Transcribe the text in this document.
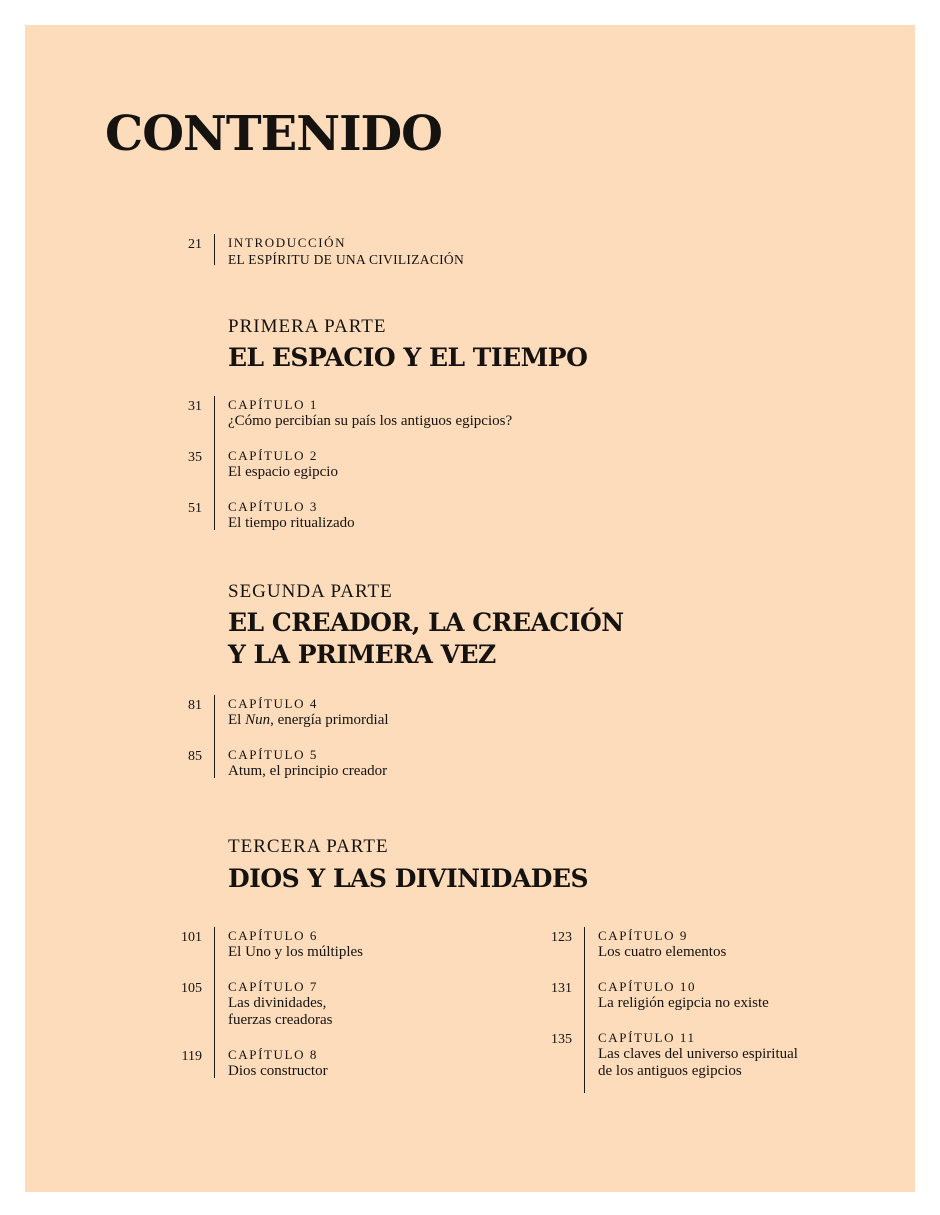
CONTENIDO
21 INTRODUCCIÓN
EL ESPÍRITU DE UNA CIVILIZACIÓN
PRIMERA PARTE
EL ESPACIO Y EL TIEMPO
31 CAPÍTULO 1
¿Cómo percibían su país los antiguos egipcios?
35 CAPÍTULO 2
El espacio egipcio
51 CAPÍTULO 3
El tiempo ritualizado
SEGUNDA PARTE
EL CREADOR, LA CREACIÓN
Y LA PRIMERA VEZ
81 CAPÍTULO 4
El Nun, energía primordial
85 CAPÍTULO 5
Atum, el principio creador
TERCERA PARTE
DIOS Y LAS DIVINIDADES
101 CAPÍTULO 6
El Uno y los múltiples
105 CAPÍTULO 7
Las divinidades,
fuerzas creadoras
119 CAPÍTULO 8
Dios constructor
123 CAPÍTULO 9
Los cuatro elementos
131 CAPÍTULO 10
La religión egipcia no existe
135 CAPÍTULO 11
Las claves del universo espiritual
de los antiguos egipcios
